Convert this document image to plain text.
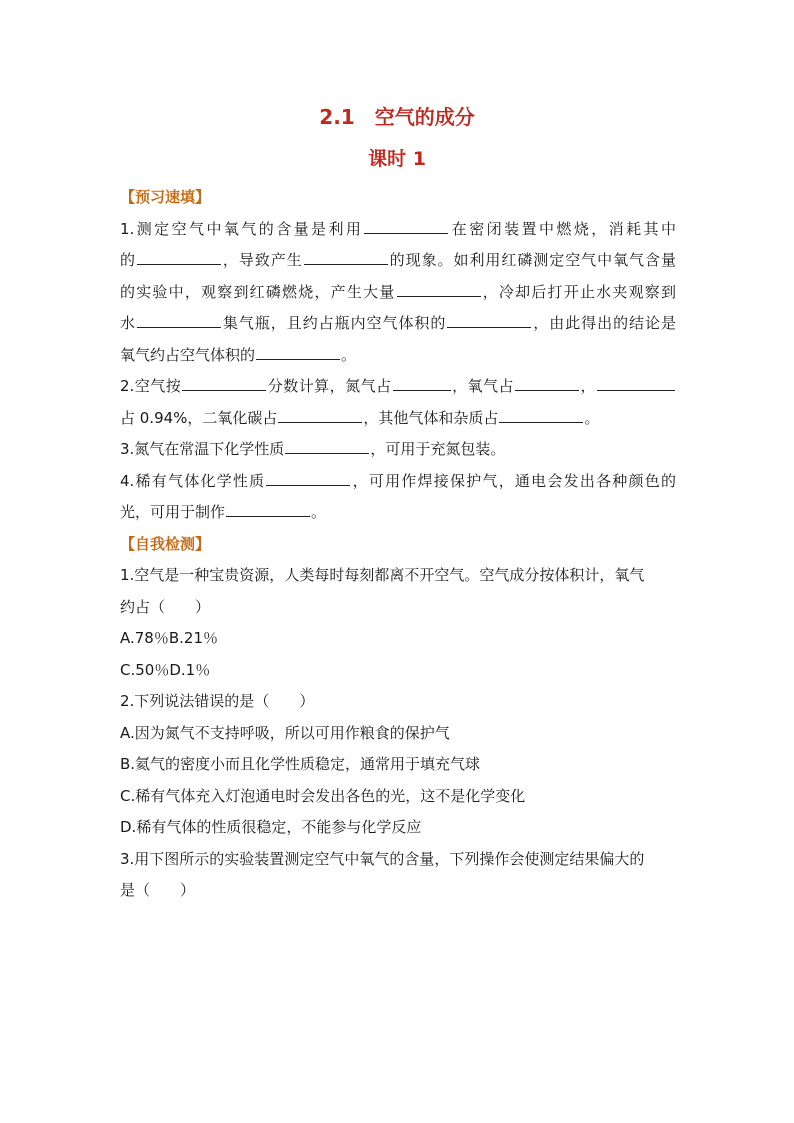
2.1　空气的成分
课时 1
【预习速填】

1.测定空气中氧气的含量是利用	在密闭装置中燃烧，消耗其中

的	，导致产生	的现象。如利用红磷测定空气中氧气含量

的实验中，观察到红磷燃烧，产生大量	，冷却后打开止水夹观察到

水	集气瓶，且约占瓶内空气体积的	，由此得出的结论是

氧气约占空气体积的	。

2.空气按	分数计算，氮气占	，氧气占	，

占 0.94%，二氧化碳占	，其他气体和杂质占	。

3.氮气在常温下化学性质	，可用于充氮包装。

4.稀有气体化学性质	，可用作焊接保护气，通电会发出各种颜色的

光，可用于制作	。

【自我检测】

1.空气是一种宝贵资源，人类每时每刻都离不开空气。空气成分按体积计，氧气

约占（　　）

A.78％B.21％

C.50％D.1％

2.下列说法错误的是（　　）

A.因为氮气不支持呼吸，所以可用作粮食的保护气

B.氦气的密度小而且化学性质稳定，通常用于填充气球

C.稀有气体充入灯泡通电时会发出各色的光，这不是化学变化

D.稀有气体的性质很稳定，不能参与化学反应

3.用下图所示的实验装置测定空气中氧气的含量，下列操作会使测定结果偏大的

是（　　）
